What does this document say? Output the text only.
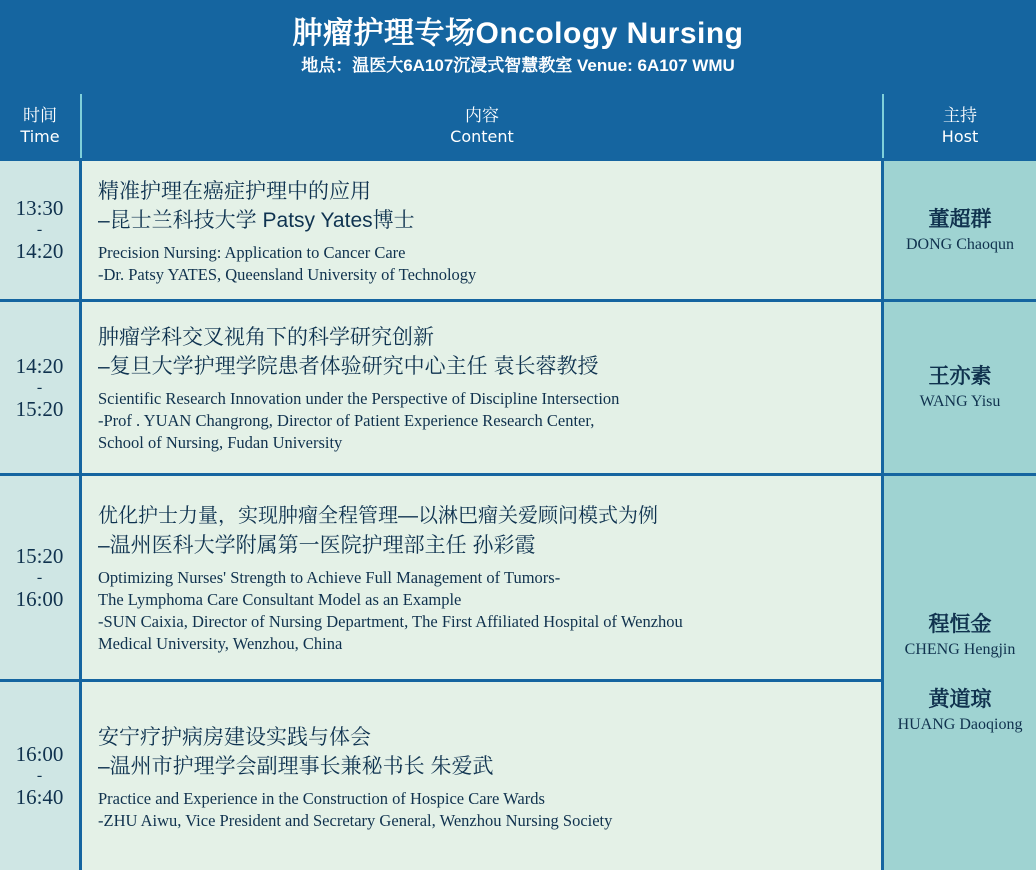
肿瘤护理专场Oncology Nursing
地点：温医大6A107沉浸式智慧教室 Venue: 6A107 WMU
时间
Time
内容
Content
主持
Host
13:30
-
14:20
14:20
-
15:20
15:20
-
16:00
16:00
-
16:40
精准护理在癌症护理中的应用
–昆士兰科技大学 Patsy Yates博士
Precision Nursing: Application to Cancer Care
-Dr. Patsy YATES, Queensland University of Technology
肿瘤学科交叉视角下的科学研究创新
–复旦大学护理学院患者体验研究中心主任 袁长蓉教授
Scientific Research Innovation under the Perspective of Discipline Intersection
-Prof . YUAN Changrong, Director of Patient Experience Research Center,
School of Nursing, Fudan University
优化护士力量，实现肿瘤全程管理—以淋巴瘤关爱顾问模式为例
–温州医科大学附属第一医院护理部主任 孙彩霞
Optimizing Nurses' Strength to Achieve Full Management of Tumors-
The Lymphoma Care Consultant Model as an Example
-SUN Caixia, Director of Nursing Department, The First Affiliated Hospital of Wenzhou
Medical University, Wenzhou, China
安宁疗护病房建设实践与体会
–温州市护理学会副理事长兼秘书长 朱爱武
Practice and Experience in the Construction of Hospice Care Wards
-ZHU Aiwu, Vice President and Secretary General, Wenzhou Nursing Society
董超群
DONG Chaoqun
王亦素
WANG Yisu
程恒金
CHENG Hengjin
黄道琼
HUANG Daoqiong
